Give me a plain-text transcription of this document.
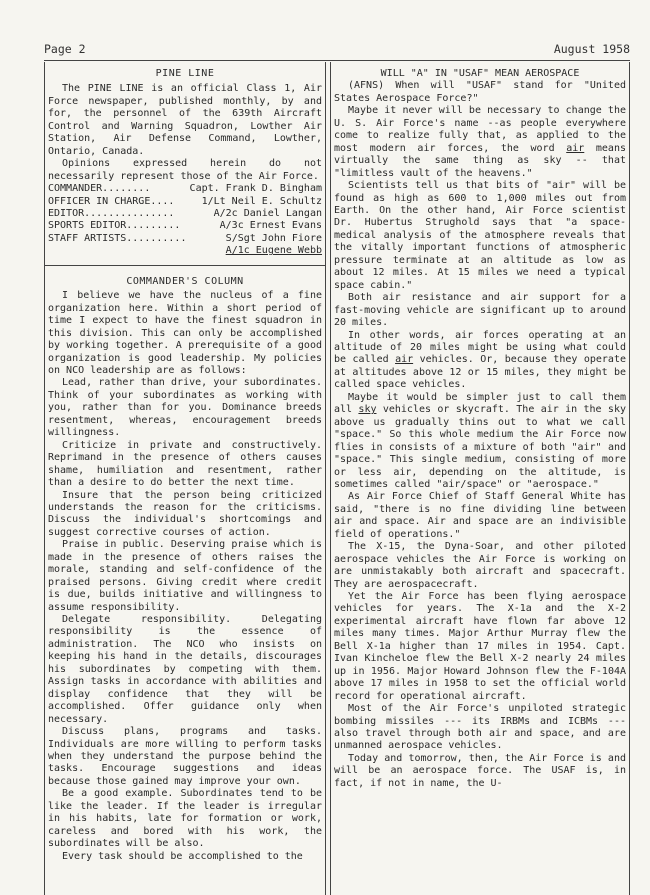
Page 2	August 1958
PINE LINE

The PINE LINE is an official Class 1, Air Force newspaper, published monthly, by and for, the personnel of the 639th Aircraft Control and Warning Squadron, Lowther Air Station, Air Defense Command, Lowther, Ontario, Canada.

Opinions expressed herein do not necessarily represent those of the Air Force.

COMMANDER........	Capt. Frank D. Bingham
OFFICER IN CHARGE....	1/Lt Neil E. Schultz
EDITOR...............	A/2c Daniel Langan
SPORTS EDITOR.........	A/3c Ernest Evans
STAFF ARTISTS..........	S/Sgt John Fiore
A/1c Eugene Webb
COMMANDER'S COLUMN

I believe we have the nucleus of a fine organization here. Within a short period of time I expect to have the finest squadron in this division. This can only be accomplished by working together. A prerequisite of a good organization is good leadership. My policies on NCO leadership are as follows:

Lead, rather than drive, your subordinates. Think of your subordinates as working with you, rather than for you. Dominance breeds resentment, whereas, encouragement breeds willingness.

Criticize in private and constructively. Reprimand in the presence of others causes shame, humiliation and resentment, rather than a desire to do better the next time.

Insure that the person being criticized understands the reason for the criticisms. Discuss the individual's shortcomings and suggest corrective courses of action.

Praise in public. Deserving praise which is made in the presence of others raises the morale, standing and self-confidence of the praised persons. Giving credit where credit is due, builds initiative and willingness to assume responsibility.

Delegate responsibility. Delegating responsibility is the essence of administration. The NCO who insists on keeping his hand in the details, discourages his subordinates by competing with them. Assign tasks in accordance with abilities and display confidence that they will be accomplished. Offer guidance only when necessary.

Discuss plans, programs and tasks. Individuals are more willing to perform tasks when they understand the purpose behind the tasks. Encourage suggestions and ideas because those gained may improve your own.

Be a good example. Subordinates tend to be like the leader. If the leader is irregular in his habits, late for formation or work, careless and bored with his work, the subordinates will be also.

Every task should be accomplished to the

WILL "A" IN "USAF" MEAN AEROSPACE

(AFNS) When will "USAF" stand for "United States Aerospace Force?"

Maybe it never will be necessary to change the U. S. Air Force's name --as people everywhere come to realize fully that, as applied to the most modern air forces, the word air means virtually the same thing as sky -- that "limitless vault of the heavens."

Scientists tell us that bits of "air" will be found as high as 600 to 1,000 miles out from Earth. On the other hand, Air Force scientist Dr. Hubertus Strughold says that "a space-medical analysis of the atmosphere reveals that the vitally important functions of atmospheric pressure terminate at an altitude as low as about 12 miles. At 15 miles we need a typical space cabin."

Both air resistance and air support for a fast-moving vehicle are significant up to around 20 miles.

In other words, air forces operating at an altitude of 20 miles might be using what could be called air vehicles. Or, because they operate at altitudes above 12 or 15 miles, they might be called space vehicles.

Maybe it would be simpler just to call them all sky vehicles or skycraft. The air in the sky above us gradually thins out to what we call "space." So this whole medium the Air Force now flies in consists of a mixture of both "air" and "space." This single medium, consisting of more or less air, depending on the altitude, is sometimes called "air/space" or "aerospace."

As Air Force Chief of Staff General White has said, "there is no fine dividing line between air and space. Air and space are an indivisible field of operations."

The X-15, the Dyna-Soar, and other piloted aerospace vehicles the Air Force is working on are unmistakably both aircraft and spacecraft. They are aerospacecraft.

Yet the Air Force has been flying aerospace vehicles for years. The X-1a and the X-2 experimental aircraft have flown far above 12 miles many times. Major Arthur Murray flew the Bell X-1a higher than 17 miles in 1954. Capt. Ivan Kincheloe flew the Bell X-2 nearly 24 miles up in 1956. Major Howard Johnson flew the F-104A above 17 miles in 1958 to set the official world record for operational aircraft.

Most of the Air Force's unpiloted strategic bombing missiles --- its IRBMs and ICBMs --- also travel through both air and space, and are unmanned aerospace vehicles.

Today and tomorrow, then, the Air Force is and will be an aerospace force. The USAF is, in fact, if not in name, the U-
